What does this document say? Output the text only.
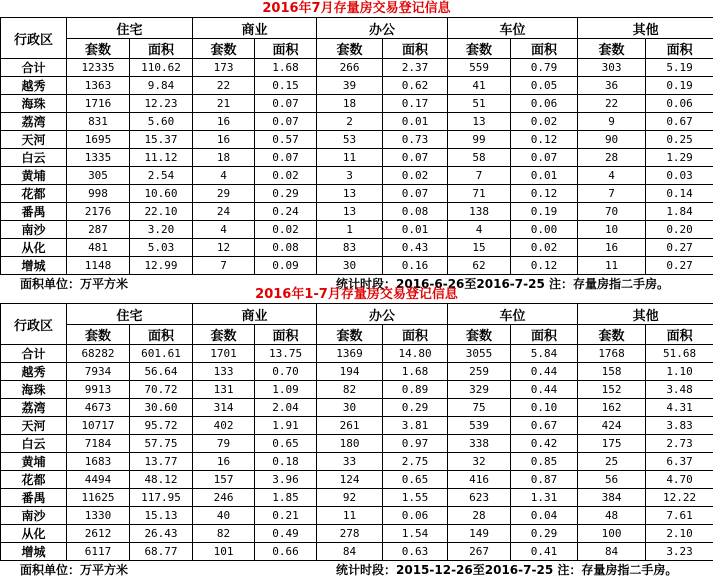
2016年7月存量房交易登记信息
行政区	住宅		商业		办公		车位		其他	
	套数	面积	套数	面积	套数	面积	套数	面积	套数	面积
合计	12335	110.62	173	1.68	266	2.37	559	0.79	303	5.19
越秀	1363	9.84	22	0.15	39	0.62	41	0.05	36	0.19
海珠	1716	12.23	21	0.07	18	0.17	51	0.06	22	0.06
荔湾	831	5.60	16	0.07	2	0.01	13	0.02	9	0.67
天河	1695	15.37	16	0.57	53	0.73	99	0.12	90	0.25
白云	1335	11.12	18	0.07	11	0.07	58	0.07	28	1.29
黄埔	305	2.54	4	0.02	3	0.02	7	0.01	4	0.03
花都	998	10.60	29	0.29	13	0.07	71	0.12	7	0.14
番禺	2176	22.10	24	0.24	13	0.08	138	0.19	70	1.84
南沙	287	3.20	4	0.02	1	0.01	4	0.00	10	0.20
从化	481	5.03	12	0.08	83	0.43	15	0.02	16	0.27
增城	1148	12.99	7	0.09	30	0.16	62	0.12	11	0.27
面积单位：万平方米	统计时段：2016-6-26至2016-7-25 注：存量房指二手房。
2016年1-7月存量房交易登记信息
行政区	住宅		商业		办公		车位		其他	
	套数	面积	套数	面积	套数	面积	套数	面积	套数	面积
合计	68282	601.61	1701	13.75	1369	14.80	3055	5.84	1768	51.68
越秀	7934	56.64	133	0.70	194	1.68	259	0.44	158	1.10
海珠	9913	70.72	131	1.09	82	0.89	329	0.44	152	3.48
荔湾	4673	30.60	314	2.04	30	0.29	75	0.10	162	4.31
天河	10717	95.72	402	1.91	261	3.81	539	0.67	424	3.83
白云	7184	57.75	79	0.65	180	0.97	338	0.42	175	2.73
黄埔	1683	13.77	16	0.18	33	2.75	32	0.85	25	6.37
花都	4494	48.12	157	3.96	124	0.65	416	0.87	56	4.70
番禺	11625	117.95	246	1.85	92	1.55	623	1.31	384	12.22
南沙	1330	15.13	40	0.21	11	0.06	28	0.04	48	7.61
从化	2612	26.43	82	0.49	278	1.54	149	0.29	100	2.10
增城	6117	68.77	101	0.66	84	0.63	267	0.41	84	3.23
面积单位：万平方米	统计时段：2015-12-26至2016-7-25 注：存量房指二手房。
